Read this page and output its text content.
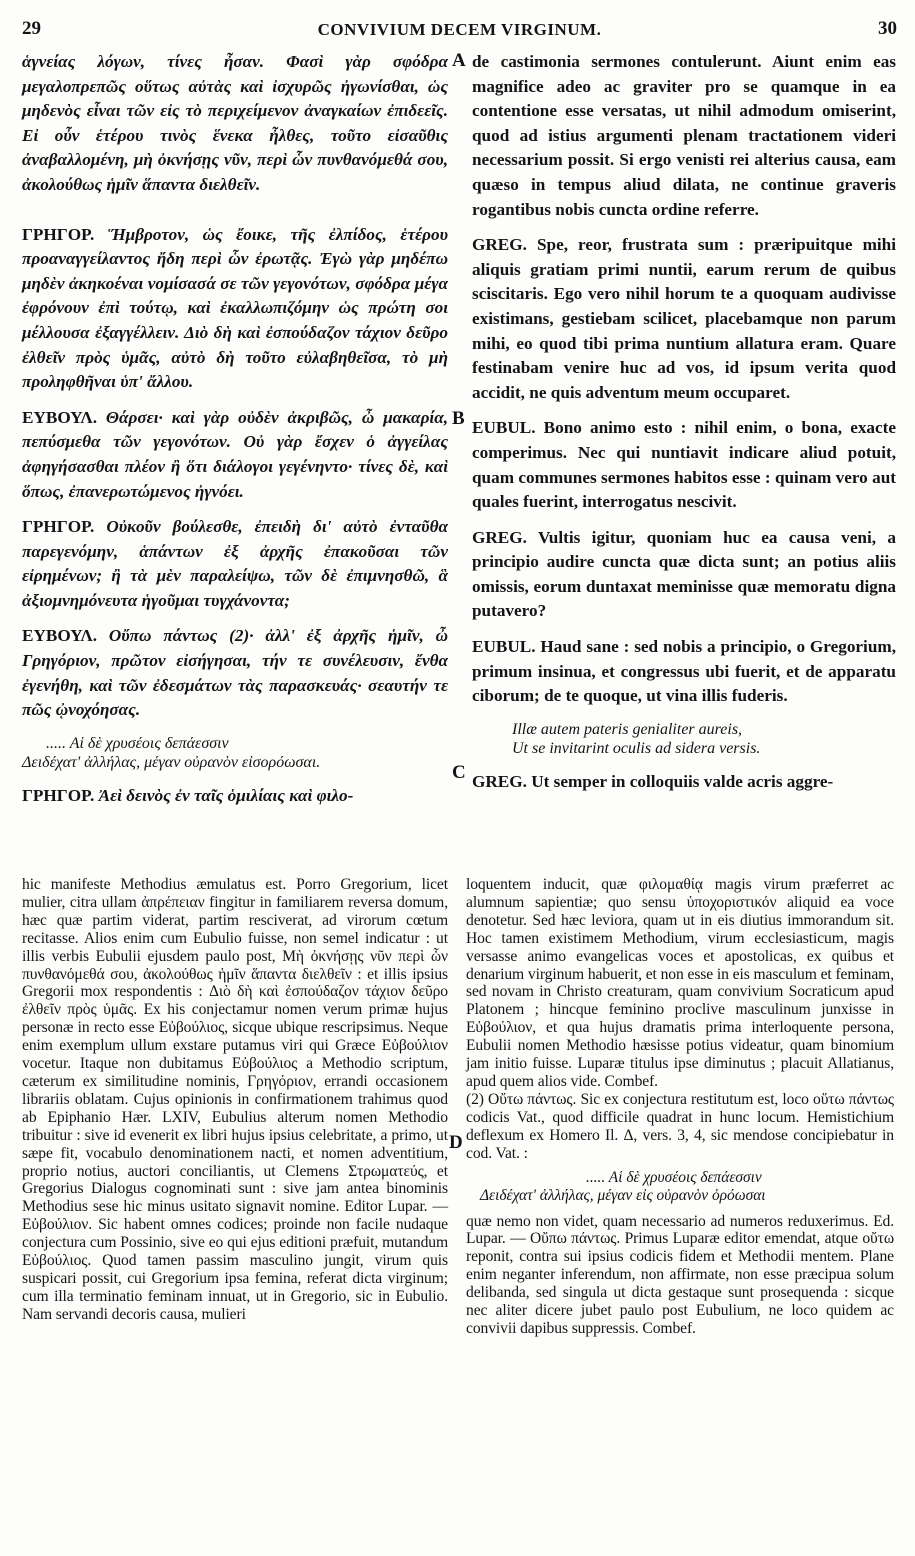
29	CONVIVIUM DECEM VIRGINUM.	30
A
B
C
D

ἁγνείας λόγων, τίνες ἦσαν. Φασὶ γὰρ σφόδρα μεγαλοπρεπῶς οὕτως αὐτὰς καὶ ἰσχυρῶς ἠγωνίσθαι, ὡς μηδενὸς εἶναι τῶν εἰς τὸ περιχείμενον ἀναγκαίων ἐπιδεεῖς. Εἰ οὖν ἑτέρου τινὸς ἕνεκα ἦλθες, τοῦτο εἰσαῦθις ἀναβαλλομένη, μὴ ὀκνήσῃς νῦν, περὶ ὧν πυνθανόμεθά σου, ἀκολούθως ἡμῖν ἅπαντα διελθεῖν.

ΓΡΗΓΟΡ. Ἥμβροτον, ὡς ἔοικε, τῆς ἐλπίδος, ἑτέρου προαναγγείλαντος ἤδη περὶ ὧν ἐρωτᾷς. Ἐγὼ γὰρ μηδέπω μηδὲν ἀκηκοέναι νομίσασά σε τῶν γεγονότων, σφόδρα μέγα ἐφρόνουν ἐπὶ τούτῳ, καὶ ἐκαλλωπιζόμην ὡς πρώτη σοι μέλλουσα ἐξαγγέλλειν. Διὸ δὴ καὶ ἐσπούδαζον τάχιον δεῦρο ἐλθεῖν πρὸς ὑμᾶς, αὐτὸ δὴ τοῦτο εὐλαβηθεῖσα, τὸ μὴ προληφθῆναι ὑπ' ἄλλου.

ΕΥΒΟΥΛ. Θάρσει· καὶ γὰρ οὐδὲν ἀκριβῶς, ὦ μακαρία, πεπύσμεθα τῶν γεγονότων. Οὐ γὰρ ἔσχεν ὁ ἀγγείλας ἀφηγήσασθαι πλέον ἢ ὅτι διάλογοι γεγένηντο· τίνες δὲ, καὶ ὅπως, ἐπανερωτώμενος ἠγνόει.

ΓΡΗΓΟΡ. Οὐκοῦν βούλεσθε, ἐπειδὴ δι' αὐτὸ ἐνταῦθα παρεγενόμην, ἁπάντων ἐξ ἀρχῆς ἐπακοῦσαι τῶν εἰρημένων; ἢ τὰ μὲν παραλείψω, τῶν δὲ ἐπιμνησθῶ, ἃ ἀξιομνημόνευτα ἡγοῦμαι τυγχάνοντα;

ΕΥΒΟΥΛ. Οὔπω πάντως (2)· ἀλλ' ἐξ ἀρχῆς ἡμῖν, ὦ Γρηγόριον, πρῶτον εἰσήγησαι, τήν τε συνέλευσιν, ἔνθα ἐγενήθη, καὶ τῶν ἐδεσμάτων τὰς παρασκευάς· σεαυτήν τε πῶς ᾠνοχόησας.

..... Αἱ δὲ χρυσέοις δεπάεσσιν
Δειδέχατ' ἀλλήλας, μέγαν οὐρανὸν εἰσορόωσαι.

ΓΡΗΓΟΡ. Ἀεὶ δεινὸς ἐν ταῖς ὁμιλίαις καὶ φιλο-

de castimonia sermones contulerunt. Aiunt enim eas magnifice adeo ac graviter pro se quamque in ea contentione esse versatas, ut nihil admodum omiserint, quod ad istius argumenti plenam tractationem videri necessarium possit. Si ergo venisti rei alterius causa, eam quæso in tempus aliud dilata, ne continue graveris rogantibus nobis cuncta ordine referre.

GREG. Spe, reor, frustrata sum : præripuitque mihi aliquis gratiam primi nuntii, earum rerum de quibus sciscitaris. Ego vero nihil horum te a quoquam audivisse existimans, gestiebam scilicet, placebamque non parum mihi, eo quod tibi prima nuntium allatura eram. Quare festinabam venire huc ad vos, id ipsum verita quod accidit, ne quis adventum meum occuparet.

EUBUL. Bono animo esto : nihil enim, o bona, exacte comperimus. Nec qui nuntiavit indicare aliud potuit, quam communes sermones habitos esse : quinam vero aut quales fuerint, interrogatus nescivit.

GREG. Vultis igitur, quoniam huc ea causa veni, a principio audire cuncta quæ dicta sunt; an potius aliis omissis, eorum duntaxat meminisse quæ memoratu digna putavero?

EUBUL. Haud sane : sed nobis a principio, o Gregorium, primum insinua, et congressus ubi fuerit, et de apparatu ciborum; de te quoque, ut vina illis fuderis.

Illæ autem pateris genialiter aureis,
Ut se invitarint oculis ad sidera versis.

GREG. Ut semper in colloquiis valde acris aggre-

hic manifeste Methodius æmulatus est. Porro Gregorium, licet mulier, citra ullam ἀπρέπειαν fingitur in familiarem reversa domum, hæc quæ partim viderat, partim resciverat, ad virorum cœtum recitasse. Alios enim cum Eubulio fuisse, non semel indicatur : ut illis verbis Eubulii ejusdem paulo post, Μὴ ὀκνήσῃς νῦν περὶ ὧν πυνθανόμεθά σου, ἀκολούθως ἡμῖν ἅπαντα διελθεῖν : et illis ipsius Gregorii mox respondentis : Διὸ δὴ καὶ ἐσπούδαζον τάχιον δεῦρο ἐλθεῖν πρὸς ὑμᾶς. Ex his conjectamur nomen verum primæ hujus personæ in recto esse Εὐβούλιος, sicque ubique rescripsimus. Neque enim exemplum ullum exstare putamus viri qui Græce Εὐβούλιον vocetur. Itaque non dubitamus Εὐβούλιος a Methodio scriptum, cæterum ex similitudine nominis, Γρηγόριον, errandi occasionem librariis oblatam. Cujus opinionis in confirmationem trahimus quod ab Epiphanio Hær. LXIV, Eubulius alterum nomen Methodio tribuitur : sive id evenerit ex libri hujus ipsius celebritate, a primo, ut sæpe fit, vocabulo denominationem nacti, et nomen adventitium, proprio notius, auctori conciliantis, ut Clemens Στρωματεύς, et Gregorius Dialogus cognominati sunt : sive jam antea binominis Methodius sese hic minus usitato signavit nomine. Editor Lupar. — Εὐβούλιον. Sic habent omnes codices; proinde non facile nudaque conjectura cum Possinio, sive eo qui ejus editioni præfuit, mutandum Εὐβούλιος. Quod tamen passim masculino jungit, virum quis suspicari possit, cui Gregorium ipsa femina, referat dicta virginum; cum illa terminatio feminam innuat, ut in Gregorio, sic in Eubulio. Nam servandi decoris causa, mulieri

loquentem inducit, quæ φιλομαθίᾳ magis virum præferret ac alumnum sapientiæ; quo sensu ὑποχοριστικόν aliquid ea voce denotetur. Sed hæc leviora, quam ut in eis diutius immorandum sit. Hoc tamen existimem Methodium, virum ecclesiasticum, magis versasse animo evangelicas voces et apostolicas, ex quibus et denarium virginum habuerit, et non esse in eis masculum et feminam, sed novam in Christo creaturam, quam convivium Socraticum apud Platonem ; hincque feminino proclive masculinum junxisse in Εὐβούλιον, et qua hujus dramatis prima interloquente persona, Eubulii nomen Methodio hæsisse potius videatur, quam binomium jam initio fuisse. Luparæ titulus ipse diminutus ; placuit Allatianus, apud quem alios vide. Combef.

(2) Οὔτω πάντως. Sic ex conjectura restitutum est, loco οὕτω πάντως codicis Vat., quod difficile quadrat in hunc locum. Hemistichium deflexum ex Homero Il. Δ, vers. 3, 4, sic mendose concipiebatur in cod. Vat. :

..... Αἱ δὲ χρυσέοις δεπάεσσιν
Δειδέχατ' ἀλλήλας, μέγαν εἰς οὐρανὸν ὁρόωσαι

quæ nemo non videt, quam necessario ad numeros reduxerimus. Ed. Lupar. — Οὔπω πάντως. Primus Luparæ editor emendat, atque οὔτω reponit, contra sui ipsius codicis fidem et Methodii mentem. Plane enim neganter inferendum, non affirmate, non esse præcipua solum delibanda, sed singula ut dicta gestaque sunt prosequenda : sicque nec aliter dicere jubet paulo post Eubulium, ne loco quidem ac convivii dapibus suppressis. Combef.
